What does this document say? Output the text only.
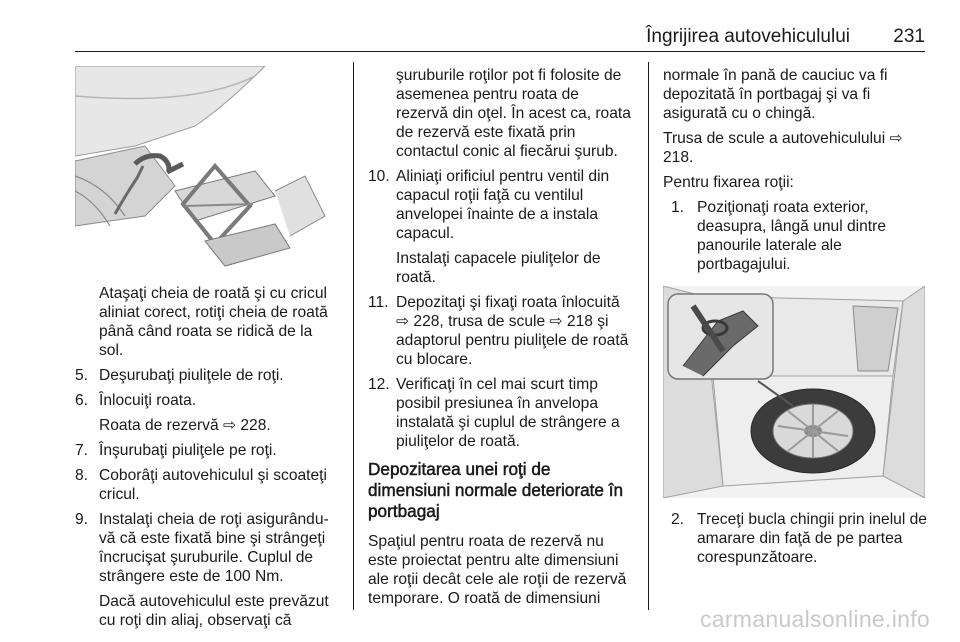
Îngrijirea autovehiculului 231

Ataşaţi cheia de roată şi cu cricul aliniat corect, rotiţi cheia de roată până când roata se ridică de la sol.

5. Deşurubaţi piuliţele de roţi.
6. Înlocuiţi roata.

Roata de rezervă ⇨ 228.

7. Înşurubaţi piuliţele pe roţi.
8. Coborâţi autovehiculul şi scoateţi cricul.
9. Instalaţi cheia de roţi asigurându-vă că este fixată bine şi strângeţi încrucişat şuruburile. Cuplul de strângere este de 100 Nm.

Dacă autovehiculul este prevăzut cu roţi din aliaj, observaţi că

şuruburile roţilor pot fi folosite de asemenea pentru roata de rezervă din oţel. În acest ca, roata de rezervă este fixată prin contactul conic al fiecărui şurub.

10. Aliniaţi orificiul pentru ventil din capacul roţii faţă cu ventilul anvelopei înainte de a instala capacul.

Instalaţi capacele piuliţelor de roată.

11. Depozitaţi şi fixaţi roata înlocuită ⇨ 228, trusa de scule ⇨ 218 şi adaptorul pentru piuliţele de roată cu blocare.
12. Verificaţi în cel mai scurt timp posibil presiunea în anvelopa instalată şi cuplul de strângere a piuliţelor de roată.
Depozitarea unei roţi de dimensiuni normale deteriorate în portbagaj

Spaţiul pentru roata de rezervă nu este proiectat pentru alte dimensiuni ale roţii decât cele ale roţii de rezervă temporare. O roată de dimensiuni

normale în pană de cauciuc va fi depozitată în portbagaj şi va fi asigurată cu o chingă.

Trusa de scule a autovehiculului ⇨ 218.

Pentru fixarea roţii:

1. Poziţionaţi roata exterior, deasupra, lângă unul dintre panourile laterale ale portbagajului.
2. Treceţi bucla chingii prin inelul de amarare din faţă de pe partea corespunzătoare.
carmanualsonline.info
